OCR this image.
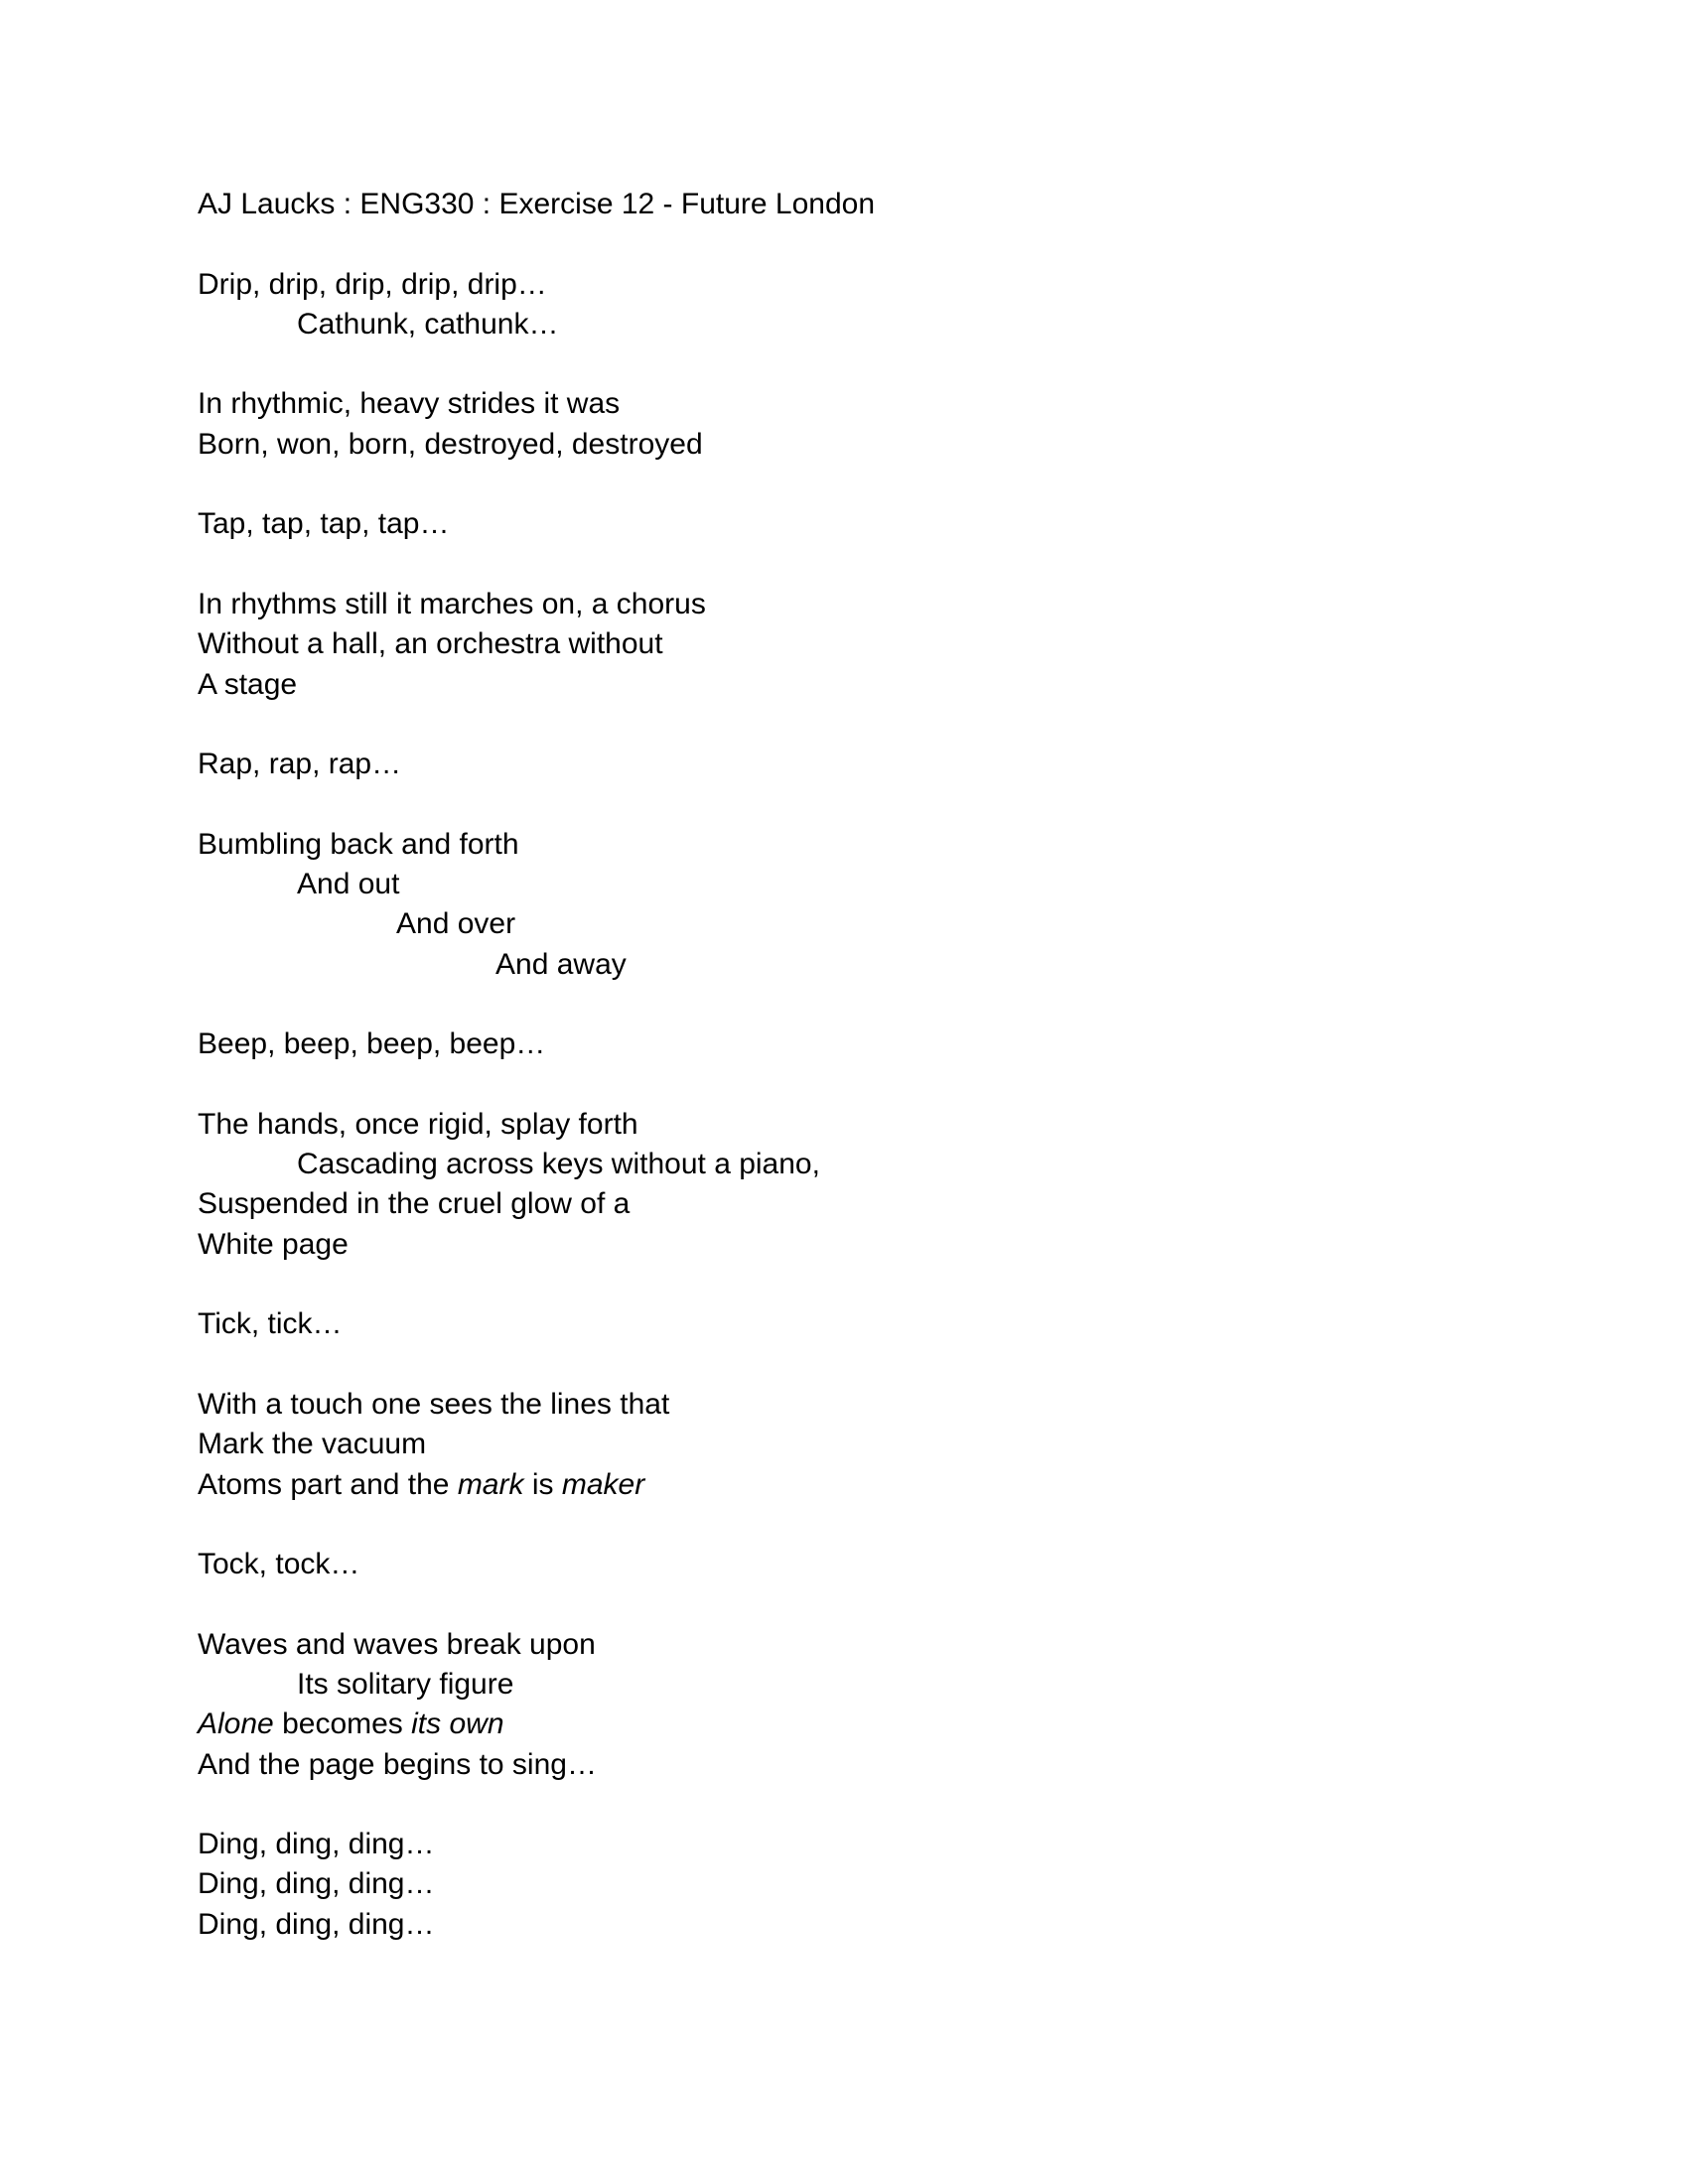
AJ Laucks : ENG330 : Exercise 12 - Future London
Drip, drip, drip, drip, drip…
Cathunk, cathunk…
In rhythmic, heavy strides it was
Born, won, born, destroyed, destroyed
Tap, tap, tap, tap…
In rhythms still it marches on, a chorus
Without a hall, an orchestra without
A stage
Rap, rap, rap…
Bumbling back and forth
And out
And over
And away
Beep, beep, beep, beep…
The hands, once rigid, splay forth
Cascading across keys without a piano,
Suspended in the cruel glow of a
White page
Tick, tick…
With a touch one sees the lines that
Mark the vacuum
Atoms part and the mark is maker
Tock, tock…
Waves and waves break upon
Its solitary figure
Alone becomes its own
And the page begins to sing…
Ding, ding, ding…
Ding, ding, ding…
Ding, ding, ding…
